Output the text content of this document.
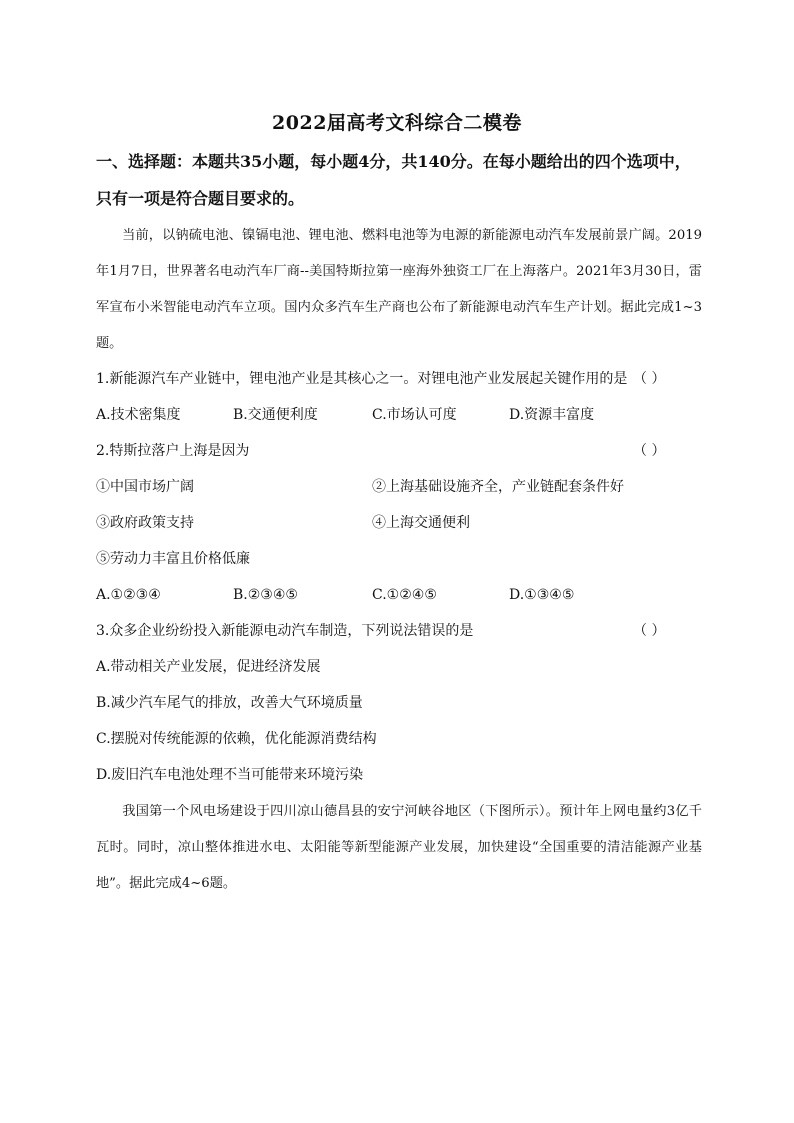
2022届高考文科综合二模卷
一、选择题：本题共35小题，每小题4分，共140分。在每小题给出的四个选项中，
只有一项是符合题目要求的。
当前，以钠硫电池、镍镉电池、锂电池、燃料电池等为电源的新能源电动汽车发展前景广阔。2019年1月7日，世界著名电动汽车厂商--美国特斯拉第一座海外独资工厂在上海落户。2021年3月30日，雷军宣布小米智能电动汽车立项。国内众多汽车生产商也公布了新能源电动汽车生产计划。据此完成1~3题。
1.新能源汽车产业链中，锂电池产业是其核心之一。对锂电池产业发展起关键作用的是 （ ）
A.技术密集度	B.交通便利度	C.市场认可度	D.资源丰富度
2.特斯拉落户上海是因为	（ ）
①中国市场广阔	②上海基础设施齐全，产业链配套条件好
③政府政策支持	④上海交通便利
⑤劳动力丰富且价格低廉
A.①②③④	B.②③④⑤	C.①②④⑤	D.①③④⑤
3.众多企业纷纷投入新能源电动汽车制造，下列说法错误的是	（ ）
A.带动相关产业发展，促进经济发展
B.减少汽车尾气的排放，改善大气环境质量
C.摆脱对传统能源的依赖，优化能源消费结构
D.废旧汽车电池处理不当可能带来环境污染
我国第一个风电场建设于四川凉山德昌县的安宁河峡谷地区（下图所示）。预计年上网电量约3亿千瓦时。同时，凉山整体推进水电、太阳能等新型能源产业发展，加快建设“全国重要的清洁能源产业基地”。据此完成4~6题。
